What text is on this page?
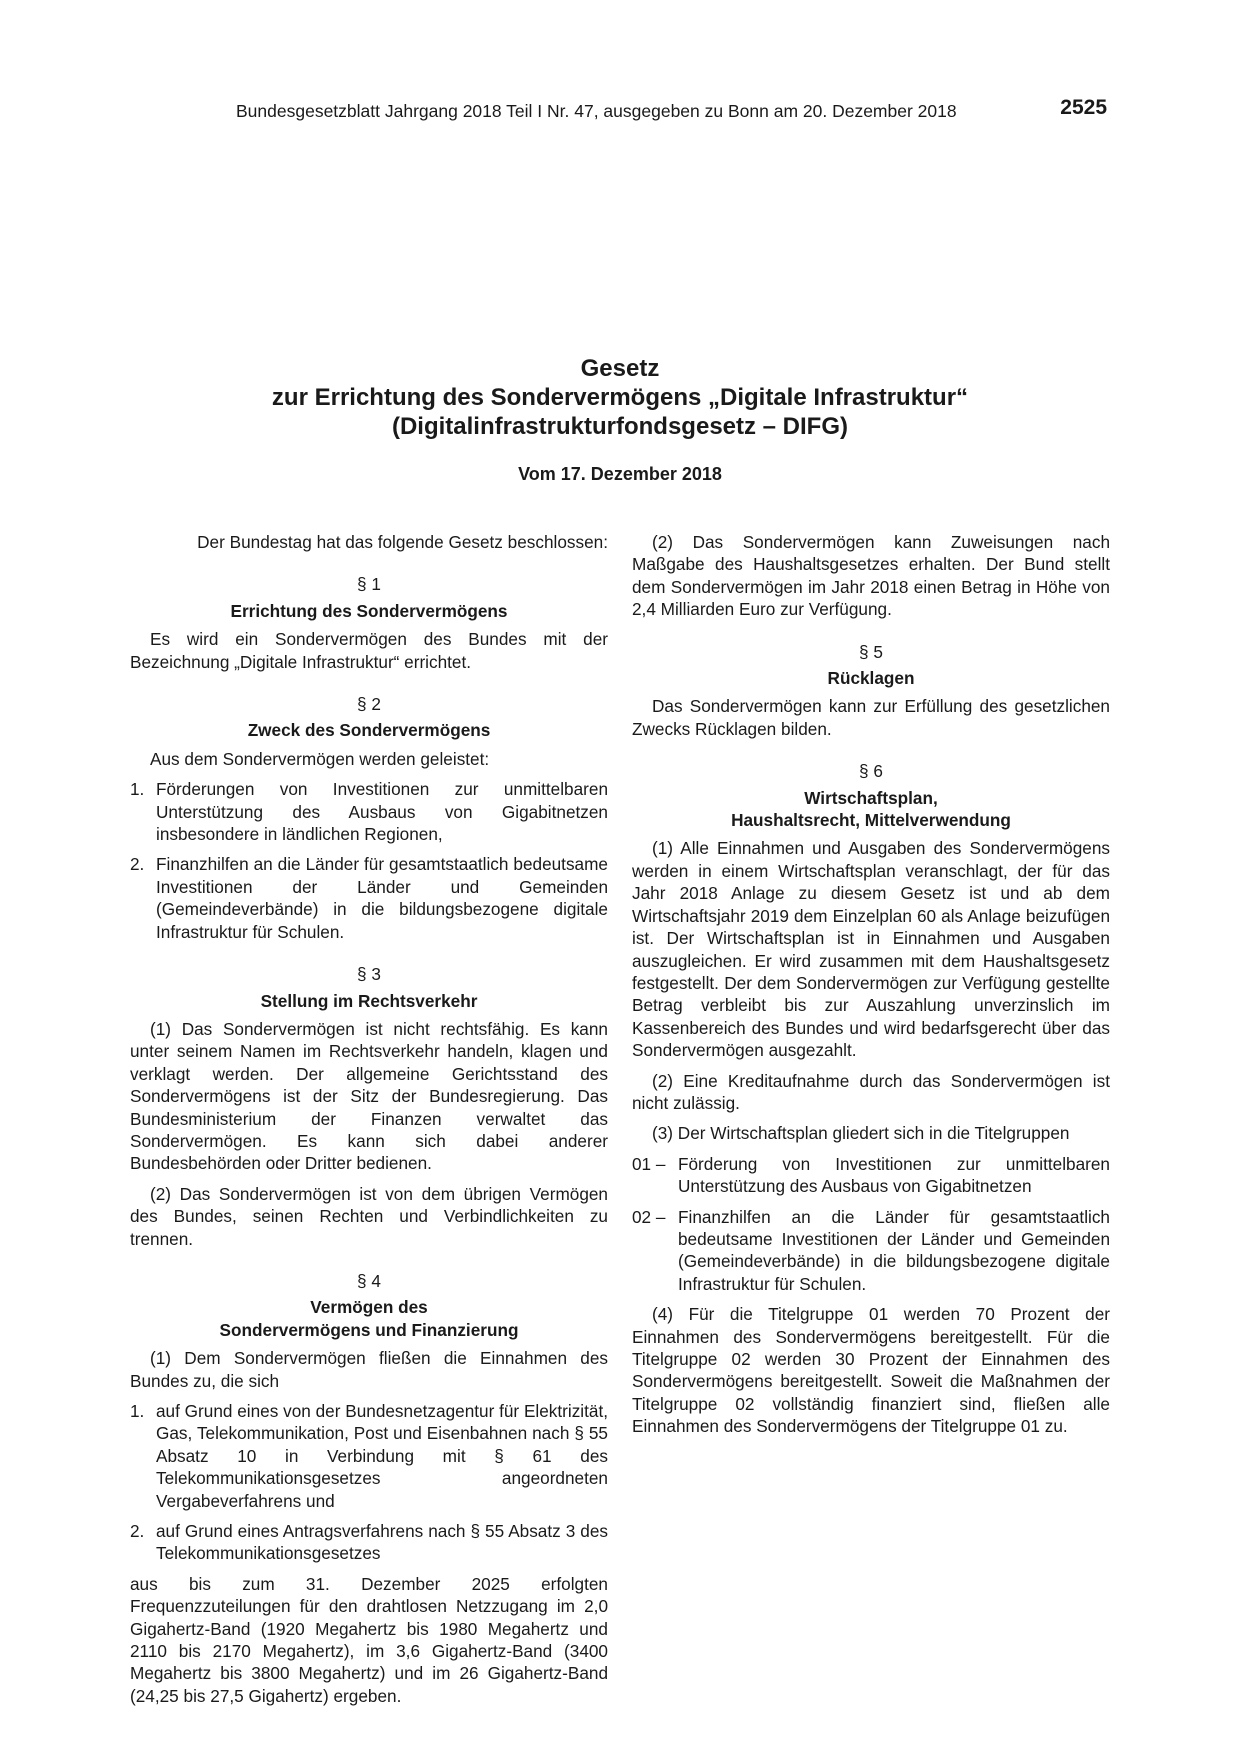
Bundesgesetzblatt Jahrgang 2018 Teil I Nr. 47, ausgegeben zu Bonn am 20. Dezember 2018	2525
Gesetz
zur Errichtung des Sondervermögens „Digitale Infrastruktur“
(Digitalinfrastrukturfondsgesetz – DIFG)
Vom 17. Dezember 2018

Der Bundestag hat das folgende Gesetz beschlossen:

§ 1
Errichtung des Sondervermögens

Es wird ein Sondervermögen des Bundes mit der Bezeichnung „Digitale Infrastruktur“ errichtet.

§ 2
Zweck des Sondervermögens

Aus dem Sondervermögen werden geleistet:

1. Förderungen von Investitionen zur unmittelbaren Unterstützung des Ausbaus von Gigabitnetzen insbesondere in ländlichen Regionen,
2. Finanzhilfen an die Länder für gesamtstaatlich bedeutsame Investitionen der Länder und Gemeinden (Gemeindeverbände) in die bildungsbezogene digitale Infrastruktur für Schulen.
§ 3
Stellung im Rechtsverkehr

(1) Das Sondervermögen ist nicht rechtsfähig. Es kann unter seinem Namen im Rechtsverkehr handeln, klagen und verklagt werden. Der allgemeine Gerichtsstand des Sondervermögens ist der Sitz der Bundesregierung. Das Bundesministerium der Finanzen verwaltet das Sondervermögen. Es kann sich dabei anderer Bundesbehörden oder Dritter bedienen.

(2) Das Sondervermögen ist von dem übrigen Vermögen des Bundes, seinen Rechten und Verbindlichkeiten zu trennen.

§ 4
Vermögen des
Sondervermögens und Finanzierung

(1) Dem Sondervermögen fließen die Einnahmen des Bundes zu, die sich

1. auf Grund eines von der Bundesnetzagentur für Elektrizität, Gas, Telekommunikation, Post und Eisenbahnen nach § 55 Absatz 10 in Verbindung mit § 61 des Telekommunikationsgesetzes angeordneten Vergabeverfahrens und
2. auf Grund eines Antragsverfahrens nach § 55 Absatz 3 des Telekommunikationsgesetzes

aus bis zum 31. Dezember 2025 erfolgten Frequenzzuteilungen für den drahtlosen Netzzugang im 2,0 Gigahertz-Band (1920 Megahertz bis 1980 Megahertz und 2110 bis 2170 Megahertz), im 3,6 Gigahertz-Band (3400 Megahertz bis 3800 Megahertz) und im 26 Gigahertz-Band (24,25 bis 27,5 Gigahertz) ergeben.

(2) Das Sondervermögen kann Zuweisungen nach Maßgabe des Haushaltsgesetzes erhalten. Der Bund stellt dem Sondervermögen im Jahr 2018 einen Betrag in Höhe von 2,4 Milliarden Euro zur Verfügung.

§ 5
Rücklagen

Das Sondervermögen kann zur Erfüllung des gesetzlichen Zwecks Rücklagen bilden.

§ 6
Wirtschaftsplan,
Haushaltsrecht, Mittelverwendung

(1) Alle Einnahmen und Ausgaben des Sondervermögens werden in einem Wirtschaftsplan veranschlagt, der für das Jahr 2018 Anlage zu diesem Gesetz ist und ab dem Wirtschaftsjahr 2019 dem Einzelplan 60 als Anlage beizufügen ist. Der Wirtschaftsplan ist in Einnahmen und Ausgaben auszugleichen. Er wird zusammen mit dem Haushaltsgesetz festgestellt. Der dem Sondervermögen zur Verfügung gestellte Betrag verbleibt bis zur Auszahlung unverzinslich im Kassenbereich des Bundes und wird bedarfsgerecht über das Sondervermögen ausgezahlt.

(2) Eine Kreditaufnahme durch das Sondervermögen ist nicht zulässig.

(3) Der Wirtschaftsplan gliedert sich in die Titelgruppen

01 – Förderung von Investitionen zur unmittelbaren Unterstützung des Ausbaus von Gigabitnetzen
02 – Finanzhilfen an die Länder für gesamtstaatlich bedeutsame Investitionen der Länder und Gemeinden (Gemeindeverbände) in die bildungsbezogene digitale Infrastruktur für Schulen.

(4) Für die Titelgruppe 01 werden 70 Prozent der Einnahmen des Sondervermögens bereitgestellt. Für die Titelgruppe 02 werden 30 Prozent der Einnahmen des Sondervermögens bereitgestellt. Soweit die Maßnahmen der Titelgruppe 02 vollständig finanziert sind, fließen alle Einnahmen des Sondervermögens der Titelgruppe 01 zu.
